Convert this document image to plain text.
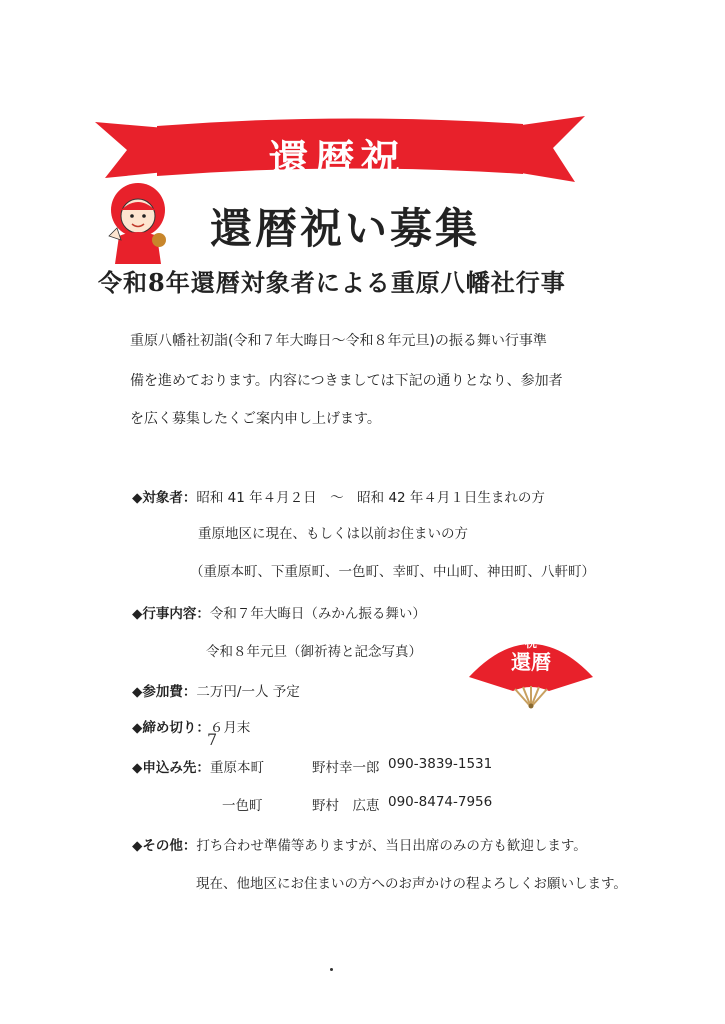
還暦祝
還暦祝い募集
令和8年還暦対象者による重原八幡社行事
重原八幡社初詣(令和７年大晦日～令和８年元旦)の振る舞い行事準
備を進めております。内容につきましては下記の通りとなり、参加者
を広く募集したくご案内申し上げます。
◆対象者：昭和 41 年４月２日　～　昭和 42 年４月１日生まれの方
重原地区に現在、もしくは以前お住まいの方
（重原本町、下重原町、一色町、幸町、中山町、神田町、八軒町）
◆行事内容：令和７年大晦日（みかん振る舞い）
令和８年元旦（御祈祷と記念写真）
◆参加費：二万円/一人 予定
◆締め切り：６月末
7
◆申込み先： 重原本町	野村幸一郎 090-3839-1531
一色町	野村　広恵 090-8474-7956
◆その他：打ち合わせ準備等ありますが、当日出席のみの方も歓迎します。
現在、他地区にお住まいの方へのお声かけの程よろしくお願いします。
祝
還暦
